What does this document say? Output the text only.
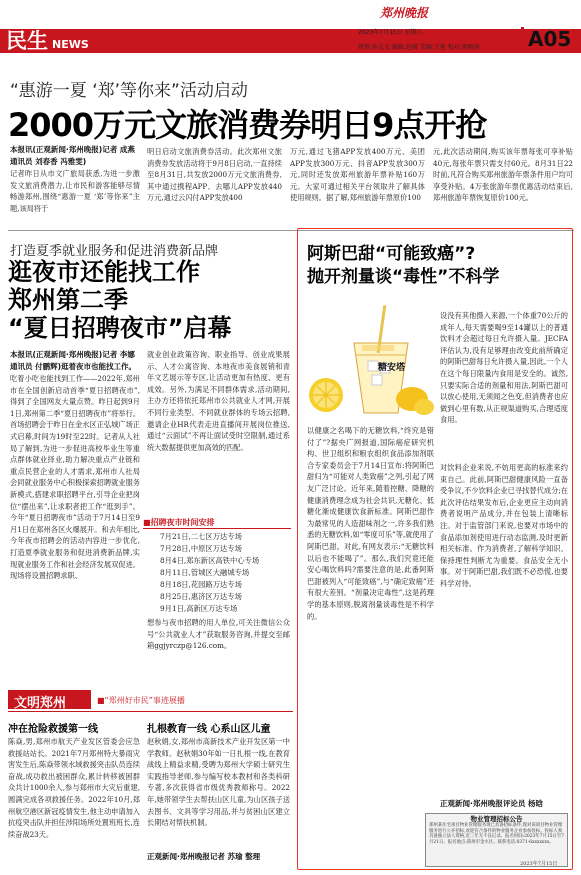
民生 NEWS
郑州晚报
2023年7月15日 星期六
统筹:孙友文 编辑:赵媛 美编:王艳 校对:郭晓南 A05
“惠游一夏 ‘郑’等你来”活动启动
2000万元文旅消费券明日9点开抢
本报讯(正观新闻·郑州晚报)记者 成燕 通讯员 刘春香 冯雅雯)
记者昨日从市文广旅局获悉,为进一步激发文旅消费潜力,让市民和游客能够尽情畅游郑州,围绕“惠游一夏 ‘郑’等你来”主题,该局将于
明日启动文旅消费券活动。此次郑州文旅消费券发放活动将于9月8日启动,一直持续至8月31日,共发放2000万元文旅消费券,其中通过携程APP、去哪儿APP发放440万元,通过云闪付APP发放400
万元,通过飞猪APP发放400万元、美团APP发放300万元、抖音APP发放300万元,同时还发放郑州旅游年票补贴160万元。大家可通过相关平台领取并了解具体使用规则。据了解,郑州旅游年票原价100
元,此次活动期间,购买该年票每张可享补贴40元,每张年票只需支付60元。8月31日22时前,凡符合购买郑州旅游年票条件用户均可享受补贴。4万张旅游年票优惠活动结束后,郑州旅游年票恢复原价100元。
打造夏季就业服务和促进消费新品牌
逛夜市还能找工作
郑州第二季
“夏日招聘夜市”启幕
本报讯(正观新闻·郑州晚报)记者 李娜 通讯员 付鹏辉)逛着夜市也能找工作。
吃着小吃也能找到工作——2022年,郑州市在全国创新启动首季“夏日招聘夜市”,得到了全国网友大量点赞。昨日起到9月1日,郑州第二季“夏日招聘夜市”将举行。首场招聘会于昨日在金水区正弘城广场正式启幕,时间为19时至22时。记者从人社局了解到,为进一步促进高校毕业生等重点群体就业择业,助力解决重点产业链和重点民营企业的人才需求,郑州市人社局会同就业服务中心积极探索招聘就业服务新模式,搭建求职招聘平台,引导企业把岗位“摆出来”,让求职者把工作“逛到手”。今年“夏日招聘夜市”活动于7月14日至9月1日在郑州各区火爆展开。和去年相比,今年夜市招聘会的活动内容进一步优化,打造夏季就业服务和促进消费新品牌,实现就业服务工作和社会经济发展双促进。现场将设置招聘求职、
就业创业政策咨询、职业指导、创业成果展示、人才公寓咨询、本地夜市美食展销和青年文艺展示等专区,让活动更加有热度、更有成效。另外,为满足不同群体需求,活动期间,主办方还将依托郑州市公共就业人才网,开展不同行业类型、不同就业群体的专场云招聘,邀请企业HR代表走进直播间开展岗位推送,通过“云面试”不再让面试受时空限制,通过系统大数据提供更加高效的匹配。
■招聘夜市时间安排
7月21日,二七区万达专场
7月28日,中原区万达专场
8月4日,郑东新区高铁中心专场
8月11日,管城区大融城专场
8月18日,花园路万达专场
8月25日,惠济区万达专场
9月1日,高新区万达专场
想参与夜市招聘的用人单位,可关注微信公众号“公共就业人才”获取服务咨询,并提交至邮箱ggjyrczp@126.com。
文明郑州	■“郑州好市民”事迹展播
冲在抢险救援第一线
陈焱,男,郑州市航天产业发区管委会应急救援站站长。2021年7月郑州特大暴雨灾害发生后,陈焱带领水域救援突击队员连续奋战,成功救出被困群众,累计转移被困群众共计1000余人,参与郑州市大灾后重建,圆满完成各项救援任务。2022年10月,郑州航空港区新冠疫情发生,他主动申请加入抗疫突击队并担任涉阳场所处置班班长,连续奋战23天。
扎根教育一线 心系山区儿童
赵秋娟,女,郑州市高新技术产业开发区第一中学教师。赵秋娟30年如一日扎根一线,在教育战线上精益求精,受聘为郑州大学硕士研究生实践指导老师,参与编写校本教材和各类科研专著,多次获得省市级优秀教师称号。2022年,她带领学生去帮扶山区儿童,为山区孩子送去图书、文具等学习用品,并与贫困山区建立长期结对帮扶机制。
正观新闻·郑州晚报记者 苏瑜 整理
阿斯巴甜“可能致癌”?
抛开剂量谈“毒性”不科学
糖安塔
设没有其他摄入来源,一个体重70公斤的成年人,每天需要喝9至14罐以上的普通饮料才会超过每日允许摄入量。JECFA评估认为,没有足够理由改变此前所确定的阿斯巴甜每日允许摄入量,因此,一个人在这个每日限量内食用是安全的。诚然,只要实际合适的剂量和用法,阿斯巴甜可以放心使用,无须闻之色变,但消费者也应做到心里有数,从正规渠道购买,合理适度食用。
以健康之名喝下的无糖饮料,“终究是错付了”?据央广网报道,国际癌症研究机构、世卫组织和粮农组织食品添加剂联合专家委员会于7月14日宣布:将阿斯巴甜归为“可能对人类致癌”之列,引起了网友广泛讨论。近年来,随着控糖、降糖的健康消费理念成为社会共识,无糖化、低糖化渐成健康饮食新标准。阿斯巴甜作为最常见的人造甜味剂之一,许多我们熟悉的无糖饮料,如“零度可乐”等,就使用了阿斯巴甜。对此,有网友表示:“无糖饮料以后也不能喝了”。那么,我们究竟还能安心喝饮料吗?需要注意的是,此番阿斯巴甜被列入“可能致癌”,与“确定致癌”还有很大差别。“剂量决定毒性”,这是药理学的基本原则,脱离剂量谈毒性是不科学的。
对饮料企业来说,不妨用更高的标准来约束自己。此前,阿斯巴甜健康风险一直备受争议,不少饮料企业已寻找替代成分;在此次评估结果发布后,企业更应主动向消费者说明产品成分,并在包装上清晰标注。对于监管部门来说,也要对市场中的食品添加剂使用进行动态监测,及时更新相关标准。作为消费者,了解科学知识、保持理性判断尤为重要。食品安全无小事。对于阿斯巴甜,我们既不必恐慌,也要科学对待。
正观新闻·郑州晚报评论员 杨晗
物业管理招标公告
郑州某住宅项目物业管理服务现已具备招标条件,现对该项目物业管理服务进行公开招标,欢迎符合条件的物业服务企业参加投标。投标人须具备独立法人资格,近三年无不良记录。报名时间:2023年7月15日至7月21日。报名地点:郑州市金水区。联系电话:0371-6xxxxxxx。
2023年7月15日
